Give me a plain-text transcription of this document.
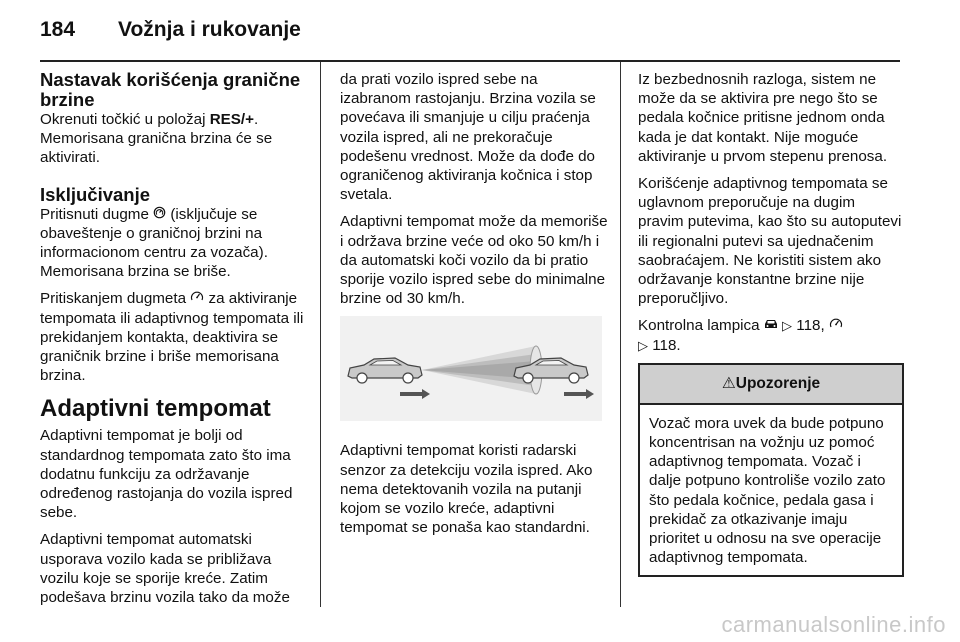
184 Vožnja i rukovanje
Nastavak korišćenja granične brzine

Okrenuti točkić u položaj RES/+. Memorisana granična brzina će se aktivirati.

Isključivanje

Pritisnuti dugme  (isključuje se obaveštenje o graničnoj brzini na informacionom centru za vozača). Memorisana brzina se briše.

Pritiskanjem dugmeta  za aktiviranje tempomata ili adaptivnog tempomata ili prekidanjem kontakta, deaktivira se graničnik brzine i briše memorisana brzina.

Adaptivni tempomat

Adaptivni tempomat je bolji od standardnog tempomata zato što ima dodatnu funkciju za održavanje određenog rastojanja do vozila ispred sebe.

Adaptivni tempomat automatski usporava vozilo kada se približava vozilu koje se sporije kreće. Zatim podešava brzinu vozila tako da može

da prati vozilo ispred sebe na izabranom rastojanju. Brzina vozila se povećava ili smanjuje u cilju praćenja vozila ispred, ali ne prekoračuje podešenu vrednost. Može da dođe do ograničenog aktiviranja kočnica i stop svetala.

Adaptivni tempomat može da memoriše i održava brzine veće od oko 50 km/h i da automatski koči vozilo da bi pratio sporije vozilo ispred sebe do minimalne brzine od 30 km/h.

Adaptivni tempomat koristi radarski senzor za detekciju vozila ispred. Ako nema detektovanih vozila na putanji kojom se vozilo kreće, adaptivni tempomat se ponaša kao standardni.

Iz bezbednosnih razloga, sistem ne može da se aktivira pre nego što se pedala kočnice pritisne jednom onda kada je dat kontakt. Nije moguće aktiviranje u prvom stepenu prenosa.

Korišćenje adaptivnog tempomata se uglavnom preporučuje na dugim pravim putevima, kao što su autoputevi ili regionalni putevi sa ujednačenim saobraćajem. Ne koristiti sistem ako održavanje konstantne brzine nije preporučljivo.

Kontrolna lampica  ▷ 118,
▷ 118.

⚠Upozorenje
Vozač mora uvek da bude potpuno koncentrisan na vožnju uz pomoć adaptivnog tempomata. Vozač i dalje potpuno kontroliše vozilo zato što pedala kočnice, pedala gasa i prekidač za otkazivanje imaju prioritet u odnosu na sve operacije adaptivnog tempomata.
carmanualsonline.info
